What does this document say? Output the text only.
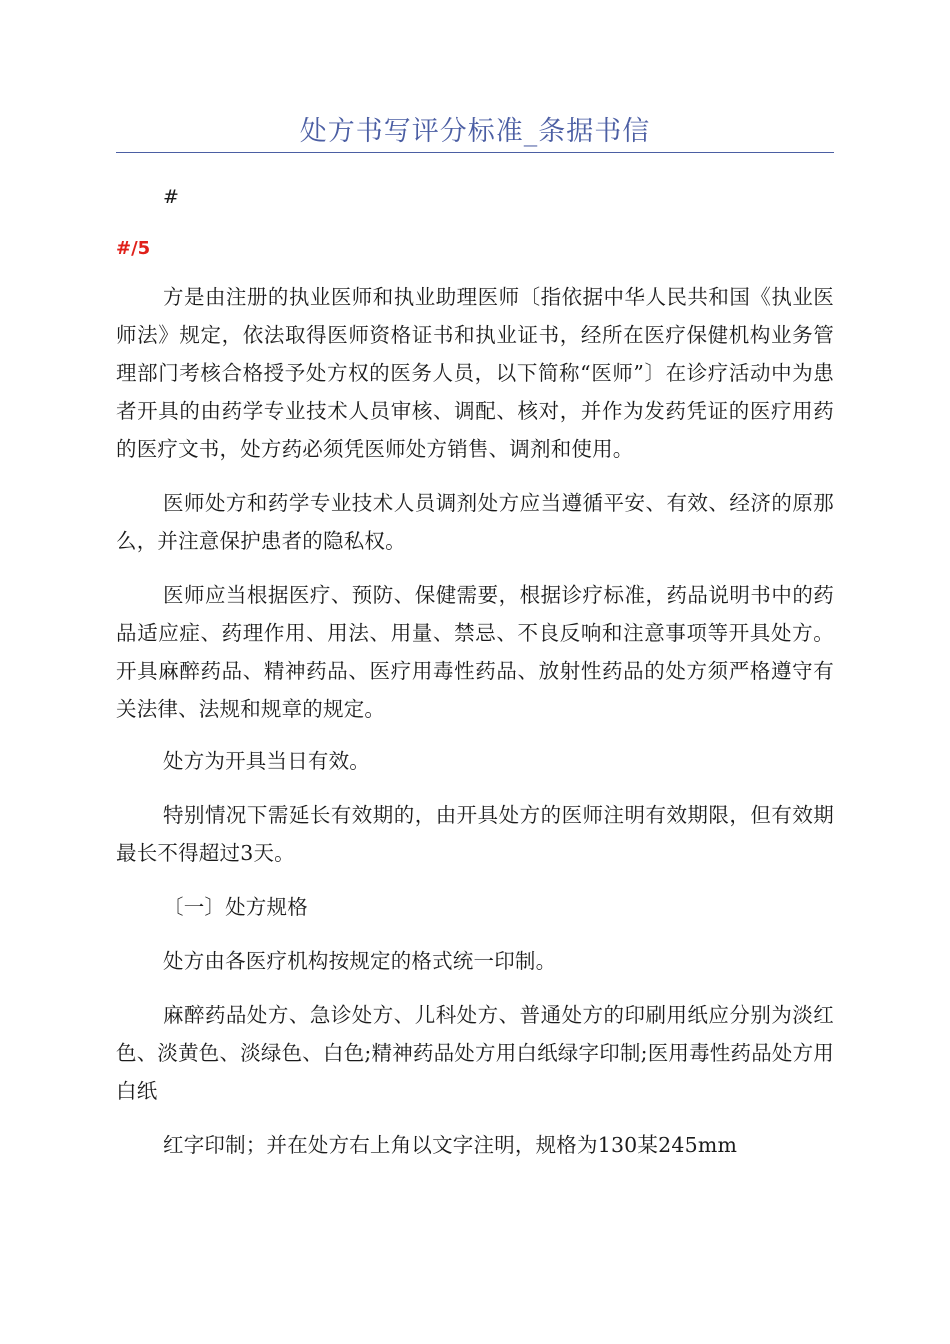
处方书写评分标准_条据书信
#
#/5

方是由注册的执业医师和执业助理医师〔指依据中华人民共和国《执业医师法》规定，依法取得医师资格证书和执业证书，经所在医疗保健机构业务管理部门考核合格授予处方权的医务人员，以下简称“医师”〕在诊疗活动中为患者开具的由药学专业技术人员审核、调配、核对，并作为发药凭证的医疗用药的医疗文书，处方药必须凭医师处方销售、调剂和使用。

医师处方和药学专业技术人员调剂处方应当遵循平安、有效、经济的原那么，并注意保护患者的隐私权。

医师应当根据医疗、预防、保健需要，根据诊疗标准，药品说明书中的药品适应症、药理作用、用法、用量、禁忌、不良反响和注意事项等开具处方。开具麻醉药品、精神药品、医疗用毒性药品、放射性药品的处方须严格遵守有关法律、法规和规章的规定。

处方为开具当日有效。

特别情况下需延长有效期的，由开具处方的医师注明有效期限，但有效期最长不得超过3天。

〔一〕处方规格

处方由各医疗机构按规定的格式统一印制。

麻醉药品处方、急诊处方、儿科处方、普通处方的印刷用纸应分别为淡红色、淡黄色、淡绿色、白色;精神药品处方用白纸绿字印制;医用毒性药品处方用白纸

红字印制；并在处方右上角以文字注明，规格为130某245mm
